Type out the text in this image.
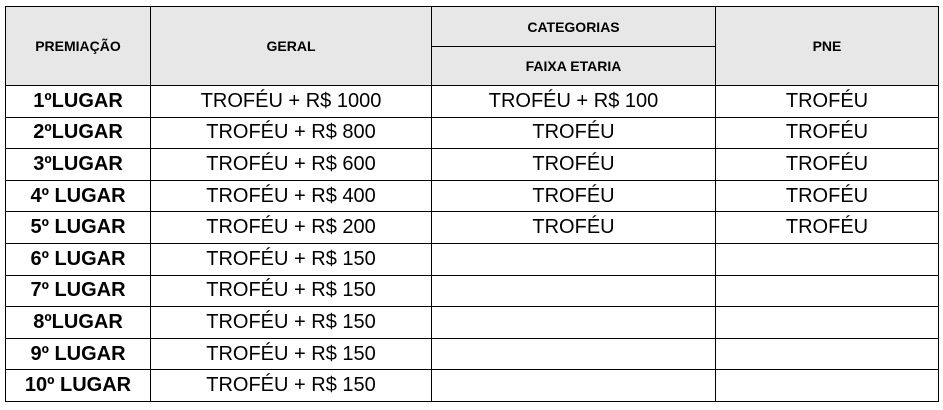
PREMIAÇÃO	GERAL	CATEGORIAS	PNE
		FAIXA ETARIA	
1ºLUGAR	TROFÉU + R$ 1000	TROFÉU + R$ 100	TROFÉU
2ºLUGAR	TROFÉU + R$ 800	TROFÉU	TROFÉU
3ºLUGAR	TROFÉU + R$ 600	TROFÉU	TROFÉU
4º LUGAR	TROFÉU + R$ 400	TROFÉU	TROFÉU
5º LUGAR	TROFÉU + R$ 200	TROFÉU	TROFÉU
6º LUGAR	TROFÉU + R$ 150		
7º LUGAR	TROFÉU + R$ 150		
8ºLUGAR	TROFÉU + R$ 150		
9º LUGAR	TROFÉU + R$ 150		
10º LUGAR	TROFÉU + R$ 150		
